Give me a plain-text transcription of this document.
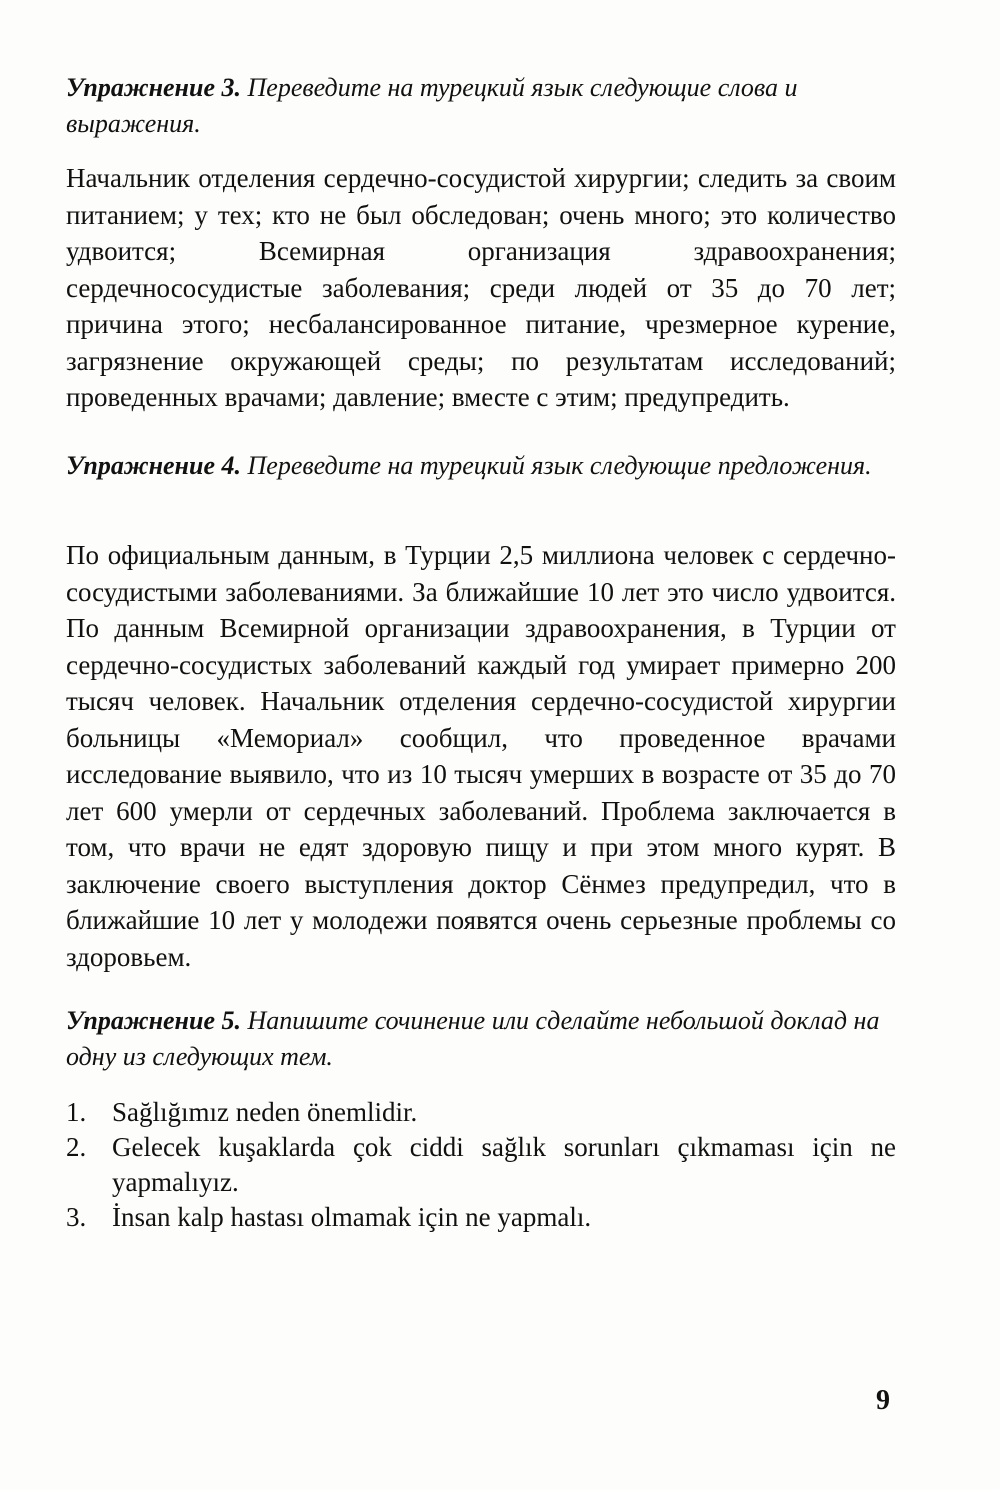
Упражнение 3. Переведите на турецкий язык следующие слова и выражения.

Начальник отделения сердечно-сосудистой хирургии; следить за своим питанием; у тех; кто не был обследован; очень много; это количество удвоится; Всемирная организация здравоохранения; сердечнососудистые заболевания; среди людей от 35 до 70 лет; причина этого; несбалансированное питание, чрезмерное курение, загрязнение окружающей среды; по результатам исследований; проведенных врачами; давление; вместе с этим; предупредить.

Упражнение 4. Переведите на турецкий язык следующие предложения.

По официальным данным, в Турции 2,5 миллиона человек с сердечно-сосудистыми заболеваниями. За ближайшие 10 лет это число удвоится. По данным Всемирной организации здравоохранения, в Турции от сердечно-сосудистых заболеваний каждый год умирает примерно 200 тысяч человек. Начальник отделения сердечно-сосудистой хирургии больницы «Мемориал» сообщил, что проведенное врачами исследование выявило, что из 10 тысяч умерших в возрасте от 35 до 70 лет 600 умерли от сердечных заболеваний. Проблема заключается в том, что врачи не едят здоровую пищу и при этом много курят. В заключение своего выступления доктор Сёнмез предупредил, что в ближайшие 10 лет у молодежи появятся очень серьезные проблемы со здоровьем.

Упражнение 5. Напишите сочинение или сделайте небольшой доклад на одну из следующих тем.

1. Sağlığımız neden önemlidir.
2. Gelecek kuşaklarda çok ciddi sağlık sorunları çıkmaması için ne yapmalıyız.
3. İnsan kalp hastası olmamak için ne yapmalı.
9
